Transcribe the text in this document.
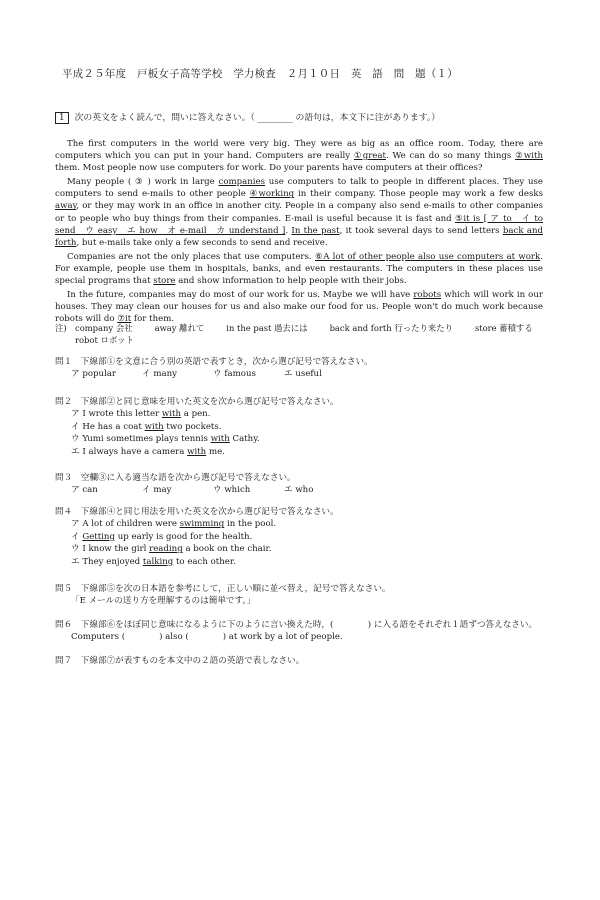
平成２５年度　戸板女子高等学校　学力検査　２月１０日　英　語　問　題（１）
1 次の英文をよく読んで，問いに答えなさい。（ ________ の語句は，本文下に注があります。）

The first computers in the world were very big. They were as big as an office room. Today, there are computers which you can put in your hand. Computers are really ①great. We can do so many things ②with them. Most people now use computers for work. Do your parents have computers at their offices?

Many people ( ③ ) work in large companies use computers to talk to people in different places. They use computers to send e-mails to other people ④working in their company. Those people may work a few desks away, or they may work in an office in another city. People in a company also send e-mails to other companies or to people who buy things from their companies. E-mail is useful because it is fast and ⑤it is [ ア to　イ to send　ウ easy　エ how　オ e-mail　カ understand ]. In the past, it took several days to send letters back and forth, but e-mails take only a few seconds to send and receive.

Companies are not the only places that use computers. ⑥A lot of other people also use computers at work. For example, people use them in hospitals, banks, and even restaurants. The computers in these places use special programs that store and show information to help people with their jobs.

In the future, companies may do most of our work for us. Maybe we will have robots which will work in our houses. They may clean our houses for us and also make our food for us. People won't do much work because robots will do ⑦it for them.

注) company 会社	away 離れて	in the past 過去には	back and forth 行ったり来たり	store 蓄積する
robot ロボット
問１　下線部①を文意に合う別の英語で表すとき，次から選び記号で答えなさい。
ア popular	イ many	ウ famous	エ useful
問２　下線部②と同じ意味を用いた英文を次から選び記号で答えなさい。
ア I wrote this letter with a pen.
イ He has a coat with two pockets.
ウ Yumi sometimes plays tennis with Cathy.
エ I always have a camera with me.
問３　空欄③に入る適当な語を次から選び記号で答えなさい。
ア can	イ may	ウ which	エ who
問４　下線部④と同じ用法を用いた英文を次から選び記号で答えなさい。
ア A lot of children were swimming in the pool.
イ Getting up early is good for the health.
ウ I know the girl reading a book on the chair.
エ They enjoyed talking to each other.
問５　下線部⑤を次の日本語を参考にして，正しい順に並べ替え，記号で答えなさい。
「E メールの送り方を理解するのは簡単です。」
問６　下線部⑥をほぼ同じ意味になるように下のように言い換えた時，(　　　　) に入る語をそれぞれ１語ずつ答えなさい。
Computers (	) also (	) at work by a lot of people.
問７　下線部⑦が表すものを本文中の２語の英語で表しなさい。
